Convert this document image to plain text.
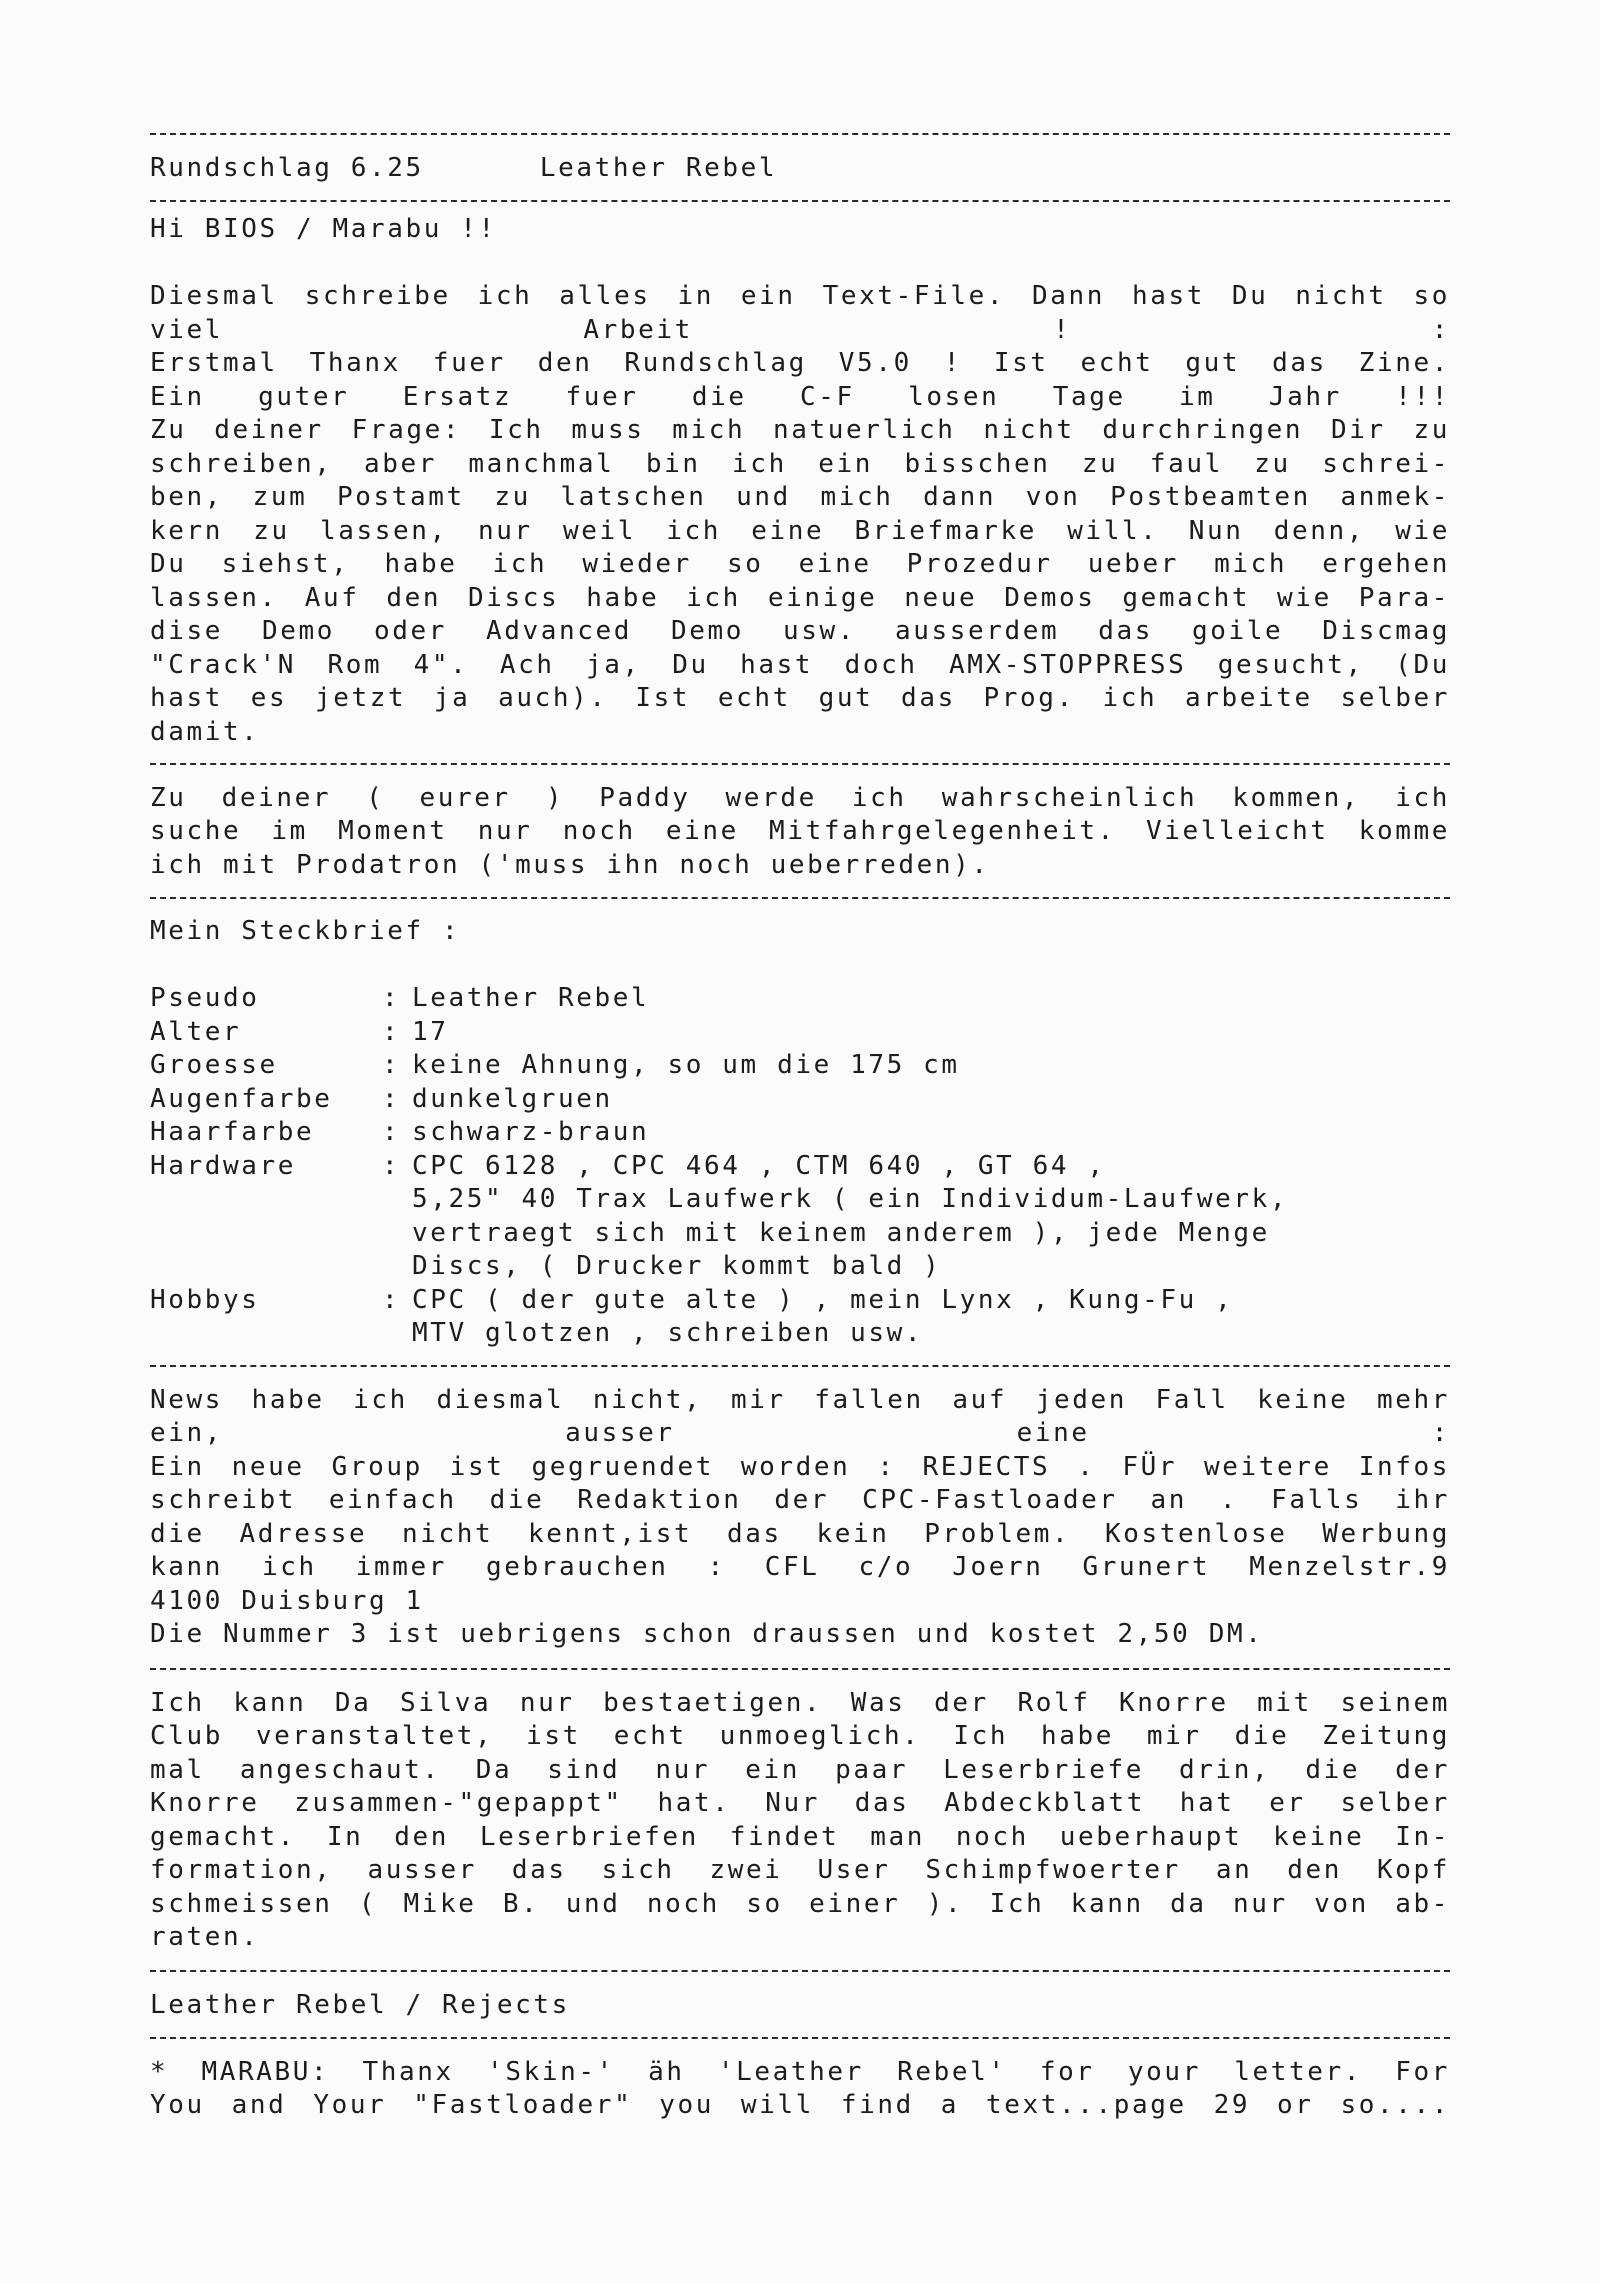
Rundschlag 6.25	Leather Rebel
Hi BIOS / Marabu !!
Diesmal schreibe ich alles in ein Text-File. Dann hast Du nicht so
viel Arbeit ! :
Erstmal Thanx fuer den Rundschlag V5.0 ! Ist echt gut das Zine.
Ein guter Ersatz fuer die C-F losen Tage im Jahr !!!
Zu deiner Frage: Ich muss mich natuerlich nicht durchringen Dir zu
schreiben, aber manchmal bin ich ein bisschen zu faul zu schrei-
ben, zum Postamt zu latschen und mich dann von Postbeamten anmek-
kern zu lassen, nur weil ich eine Briefmarke will. Nun denn, wie
Du siehst, habe ich wieder so eine Prozedur ueber mich ergehen
lassen. Auf den Discs habe ich einige neue Demos gemacht wie Para-
dise Demo oder Advanced Demo usw. ausserdem das goile Discmag
"Crack'N Rom 4". Ach ja, Du hast doch AMX-STOPPRESS gesucht, (Du
hast es jetzt ja auch). Ist echt gut das Prog. ich arbeite selber
damit.
Zu deiner ( eurer ) Paddy werde ich wahrscheinlich kommen, ich
suche im Moment nur noch eine Mitfahrgelegenheit. Vielleicht komme
ich mit Prodatron ('muss ihn noch ueberreden).
Mein Steckbrief :
Pseudo	: Leather Rebel
Alter	: 17
Groesse	: keine Ahnung, so um die 175 cm
Augenfarbe	: dunkelgruen
Haarfarbe	: schwarz-braun
Hardware	: CPC 6128 , CPC 464 , CTM 640 , GT 64 ,
5,25" 40 Trax Laufwerk ( ein Individum-Laufwerk,
vertraegt sich mit keinem anderem ), jede Menge
Discs, ( Drucker kommt bald )
Hobbys	: CPC ( der gute alte ) , mein Lynx , Kung-Fu ,
MTV glotzen , schreiben usw.
News habe ich diesmal nicht, mir fallen auf jeden Fall keine mehr
ein, ausser eine :
Ein neue Group ist gegruendet worden : REJECTS . FÜr weitere Infos
schreibt einfach die Redaktion der CPC-Fastloader an . Falls ihr
die Adresse nicht kennt,ist das kein Problem. Kostenlose Werbung
kann ich immer gebrauchen : CFL c/o Joern Grunert Menzelstr.9
4100 Duisburg 1
Die Nummer 3 ist uebrigens schon draussen und kostet 2,50 DM.
Ich kann Da Silva nur bestaetigen. Was der Rolf Knorre mit seinem
Club veranstaltet, ist echt unmoeglich. Ich habe mir die Zeitung
mal angeschaut. Da sind nur ein paar Leserbriefe drin, die der
Knorre zusammen-"gepappt" hat. Nur das Abdeckblatt hat er selber
gemacht. In den Leserbriefen findet man noch ueberhaupt keine In-
formation, ausser das sich zwei User Schimpfwoerter an den Kopf
schmeissen ( Mike B. und noch so einer ). Ich kann da nur von ab-
raten.
Leather Rebel / Rejects
* MARABU: Thanx 'Skin-' äh 'Leather Rebel' for your letter. For
You and Your "Fastloader" you will find a text...page 29 or so....
